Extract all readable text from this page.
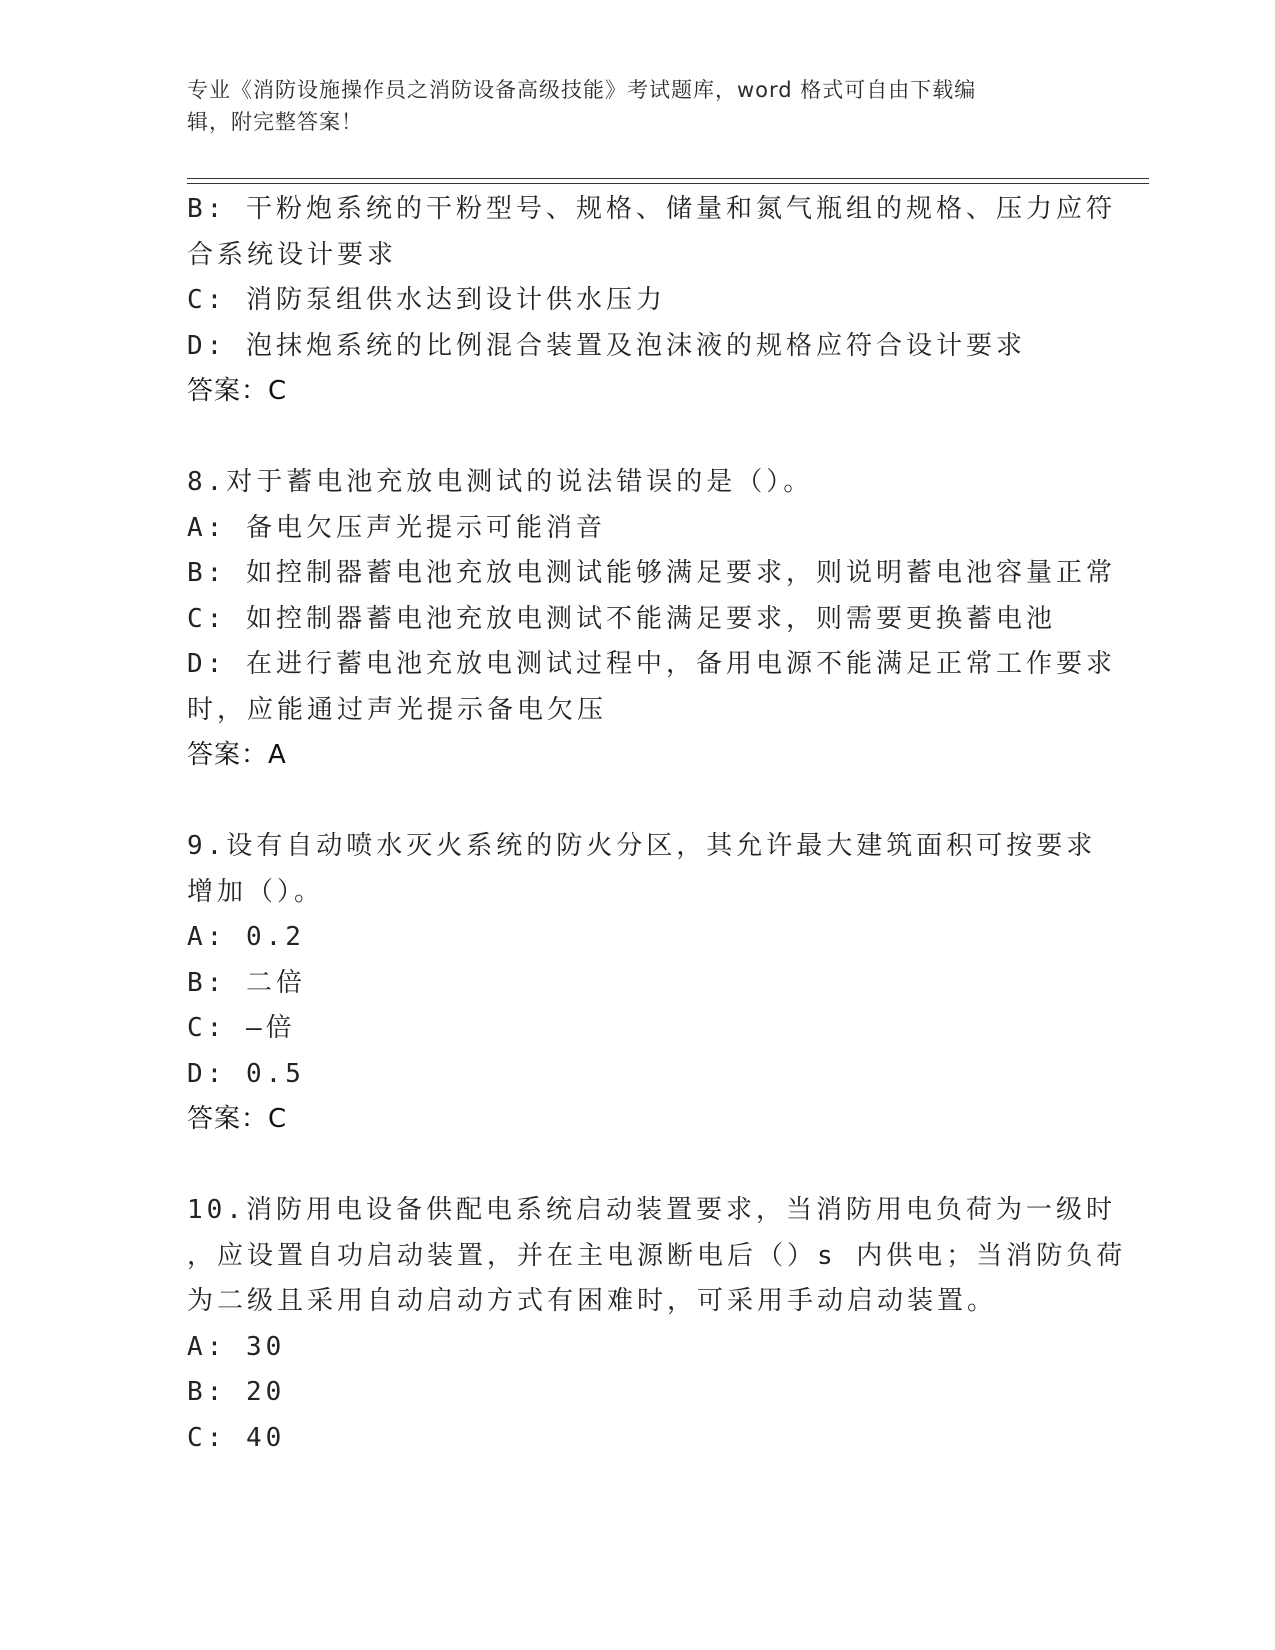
专业《消防设施操作员之消防设备高级技能》考试题库，word 格式可自由下载编
辑，附完整答案！
B: 干粉炮系统的干粉型号、规格、储量和氮气瓶组的规格、压力应符
合系统设计要求
C: 消防泵组供水达到设计供水压力
D: 泡抹炮系统的比例混合装置及泡沫液的规格应符合设计要求
答案：C
8.对于蓄电池充放电测试的说法错误的是（）。
A: 备电欠压声光提示可能消音
B: 如控制器蓄电池充放电测试能够满足要求，则说明蓄电池容量正常
C: 如控制器蓄电池充放电测试不能满足要求，则需要更换蓄电池
D: 在进行蓄电池充放电测试过程中，备用电源不能满足正常工作要求
时，应能通过声光提示备电欠压
答案：A
9.设有自动喷水灭火系统的防火分区，其允许最大建筑面积可按要求
增加（）。
A: 0.2
B: 二倍
C: —倍
D: 0.5
答案：C
10.消防用电设备供配电系统启动装置要求，当消防用电负荷为一级时
，应设置自功启动装置，并在主电源断电后（）s 内供电；当消防负荷
为二级且采用自动启动方式有困难时，可采用手动启动装置。
A: 30
B: 20
C: 40
